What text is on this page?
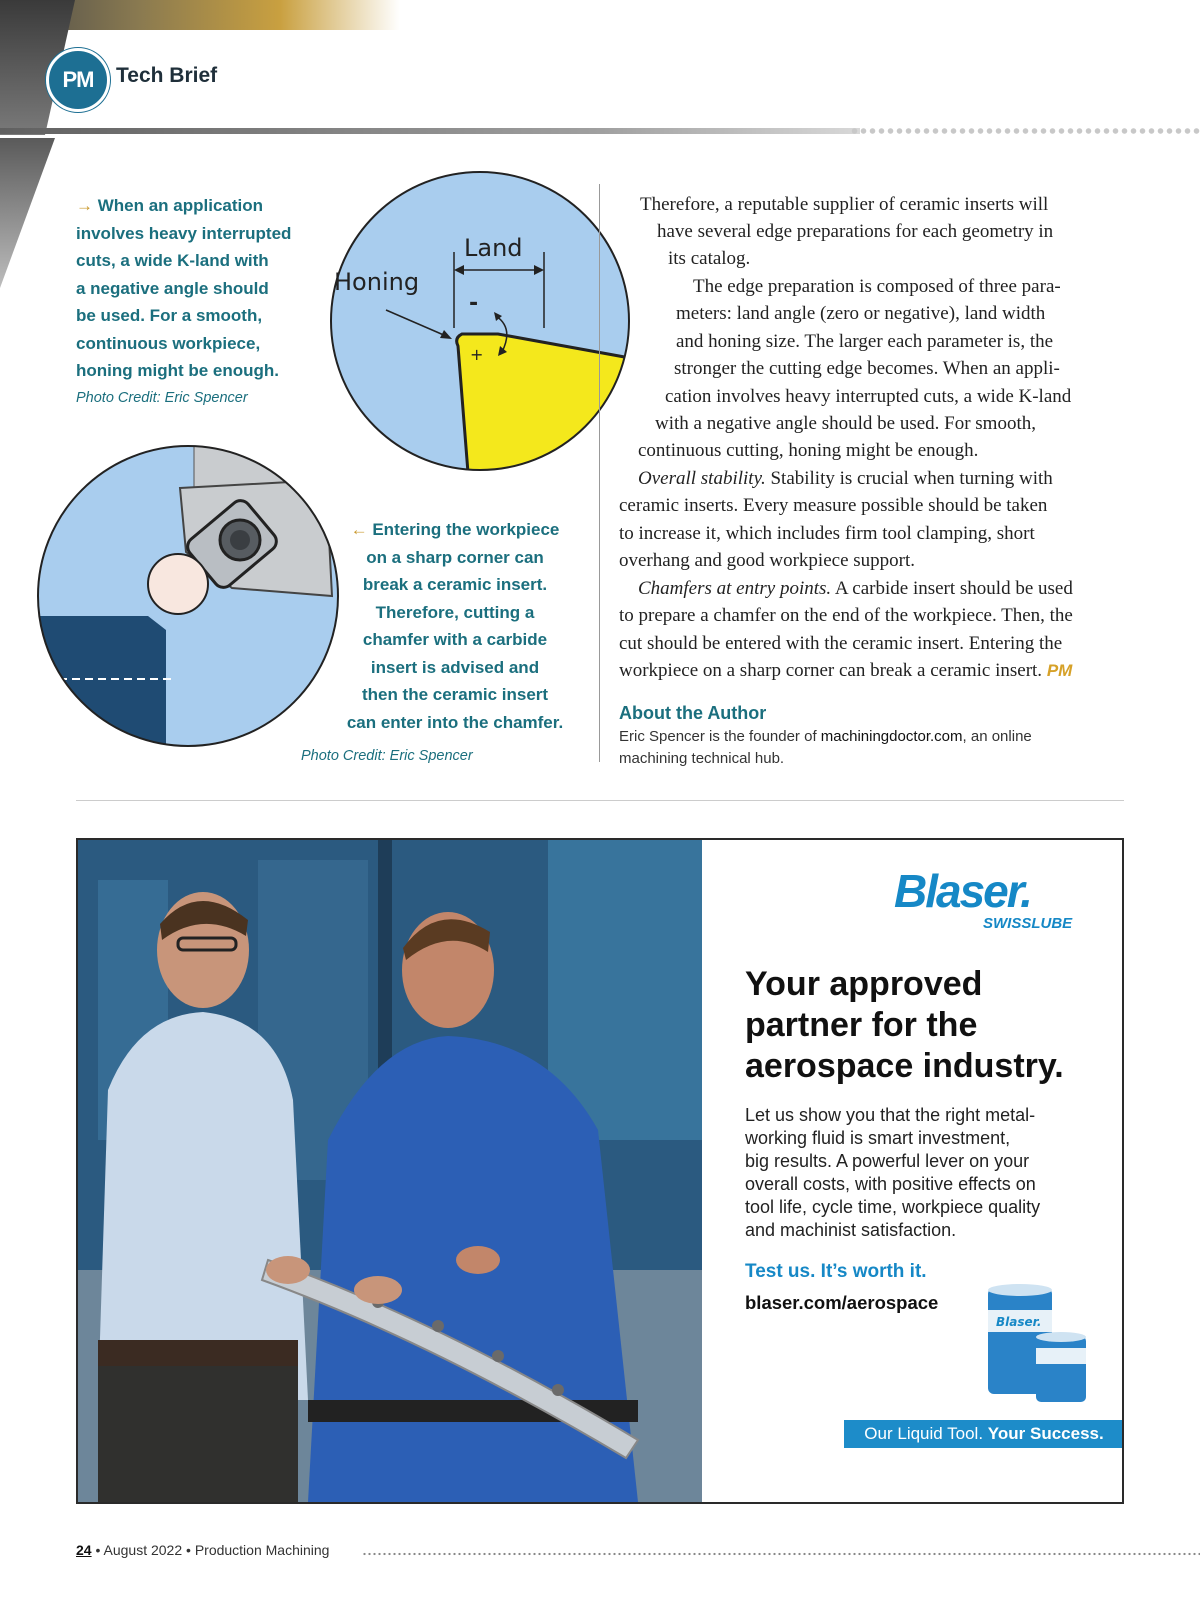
PM	Tech Brief
→ When an application
involves heavy interrupted
cuts, a wide K-land with
a negative angle should
be used. For a smooth,
continuous workpiece,
honing might be enough.
Photo Credit: Eric Spencer
Land
Honing
-
+
← Entering the workpiece
on a sharp corner can
break a ceramic insert.
Therefore, cutting a
chamfer with a carbide
insert is advised and
then the ceramic insert
can enter into the chamfer.
Photo Credit: Eric Spencer
Therefore, a reputable supplier of ceramic inserts will
have several edge preparations for each geometry in
its catalog.
The edge preparation is composed of three para-
meters: land angle (zero or negative), land width
and honing size. The larger each parameter is, the
stronger the cutting edge becomes. When an appli-
cation involves heavy interrupted cuts, a wide K-land
with a negative angle should be used. For smooth,
continuous cutting, honing might be enough.
Overall stability. Stability is crucial when turning with
ceramic inserts. Every measure possible should be taken
to increase it, which includes firm tool clamping, short
overhang and good workpiece support.
Chamfers at entry points. A carbide insert should be used
to prepare a chamfer on the end of the workpiece. Then, the
cut should be entered with the ceramic insert. Entering the
workpiece on a sharp corner can break a ceramic insert. PM
About the Author
Eric Spencer is the founder of machiningdoctor.com, an online
machining technical hub.
Blaser.
SWISSLUBE
Your approved
partner for the
aerospace industry.
Let us show you that the right metal-
working fluid is smart investment,
big results. A powerful lever on your
overall costs, with positive effects on
tool life, cycle time, workpiece quality
and machinist satisfaction.
Test us. It’s worth it.
blaser.com/aerospace
Blaser.
Our Liquid Tool. Your Success.
24 • August 2022 • Production Machining
